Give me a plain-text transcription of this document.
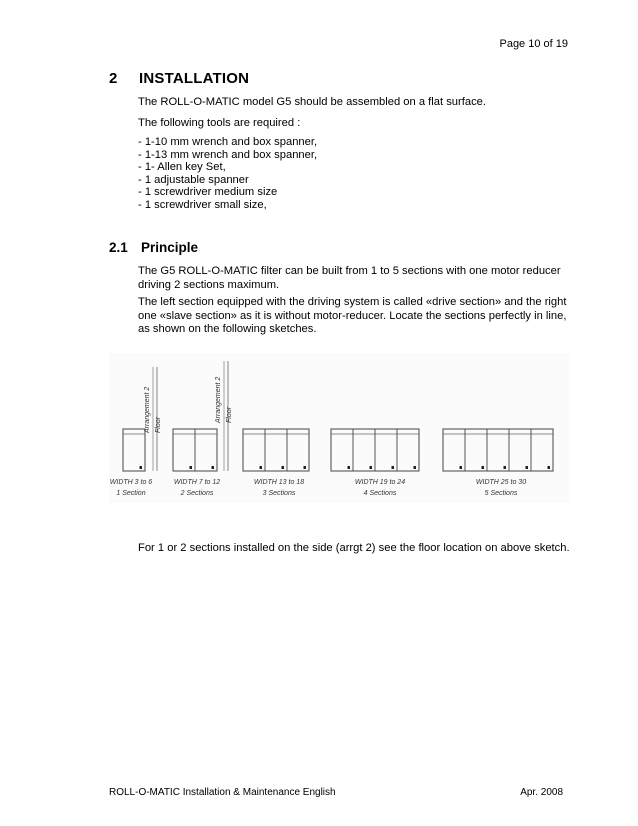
Page 10 of 19
2 INSTALLATION
The ROLL-O-MATIC model G5 should be assembled on a flat surface.
The following tools are required :
- 1-10 mm wrench and box spanner,
- 1-13 mm wrench and box spanner,
- 1- Allen key Set,
- 1 adjustable spanner
- 1 screwdriver medium size
- 1 screwdriver small size,
2.1 Principle
The G5 ROLL-O-MATIC filter can be built from 1 to 5 sections with one motor reducer driving 2 sections maximum.
The left section equipped with the driving system is called «drive section» and the right one «slave section» as it is without motor-reducer. Locate the sections perfectly in line, as shown on the following sketches.
Arrangement 2 Floor
Arrangement 2 Floor
WIDTH 3 to 6
1 Section
WIDTH 7 to 12
2 Sections
WIDTH 13 to 18
3 Sections
WIDTH 19 to 24
4 Sections
WIDTH 25 to 30
5 Sections
For 1 or 2 sections installed on the side (arrgt 2) see the floor location on above sketch.
ROLL-O-MATIC Installation & Maintenance English	Apr. 2008
